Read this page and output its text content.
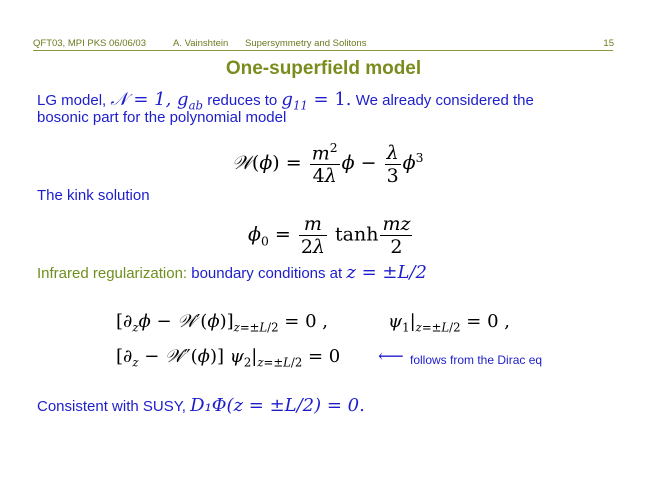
QFT03, MPI PKS 06/06/03	A. Vainshtein Supersymmetry and Solitons	15
One-superfield model
LG model, 𝒩 = 1, $g_{ab}$ reduces to $g_{11} = 1$. We already considered the
bosonic part for the polynomial model
𝒲(ϕ) = $\frac{m^2}{4\lambda}$ $\phi - \frac{\lambda}{3} \phi^3$
The kink solution
$\phi_0 = \frac{m}{2\lambda}$ $\tanh \frac{mz}{2}$
Infrared regularization: boundary conditions at z = ±L/2
[$\partial_z\phi$ − $𝒲'(\phi)]_{z=\pm L/2} = 0$ ,	$\psi_1|_{z=\pm L/2} = 0$ ,
[$\partial_z$ − 𝒲″(ϕ)] $\psi_2|_{z=\pm L/2} = 0$ ⟵ follows from the Dirac eq
Consistent with SUSY, D₁Φ(z = ±L/2) = 0.
